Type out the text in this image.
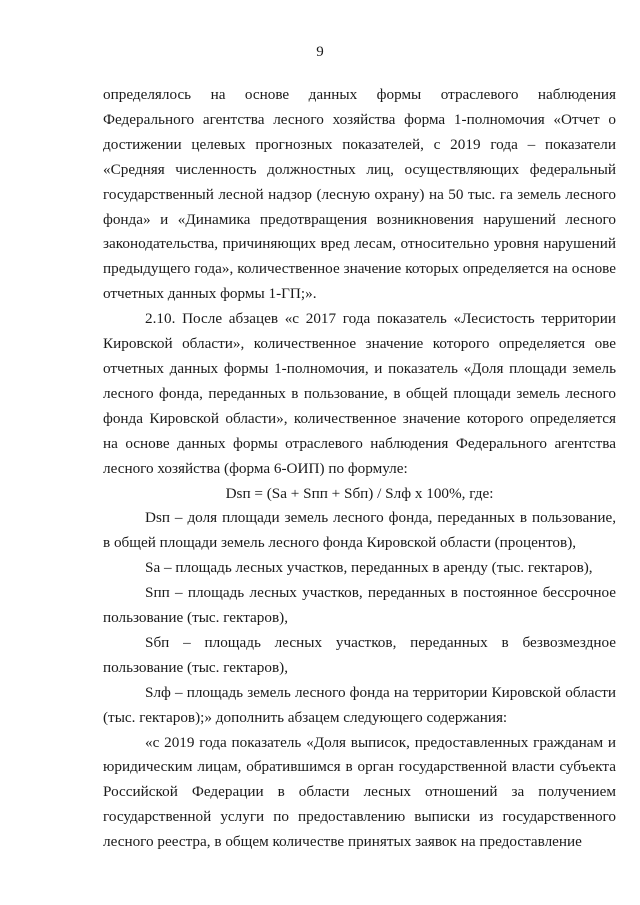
9

определялось на основе данных формы отраслевого наблюдения Федерального агентства лесного хозяйства форма 1-полномочия «Отчет о достижении целевых прогнозных показателей, с 2019 года – показатели «Средняя численность должностных лиц, осуществляющих федеральный государственный лесной надзор (лесную охрану) на 50 тыс. га земель лесного фонда» и «Динамика предотвращения возникновения нарушений лесного законодательства, причиняющих вред лесам, относительно уровня нарушений предыдущего года», количественное значение которых определяется на основе отчетных данных формы 1-ГП;».

2.10. После абзацев «с 2017 года показатель «Лесистость территории Кировской области», количественное значение которого определяется ове отчетных данных формы 1-полномочия, и показатель «Доля площади земель лесного фонда, переданных в пользование, в общей площади земель лесного фонда Кировской области», количественное значение которого определяется на основе данных формы отраслевого наблюдения Федерального агентства лесного хозяйства (форма 6-ОИП) по формуле:

Dsп = (Sa + Sпп + Sбп) / Sлф х 100%, где:

Dsп – доля площади земель лесного фонда, переданных в пользование, в общей площади земель лесного фонда Кировской области (процентов),

Sa – площадь лесных участков, переданных в аренду (тыс. гектаров),

Sпп – площадь лесных участков, переданных в постоянное бессрочное пользование (тыс. гектаров),

Sбп – площадь лесных участков, переданных в безвозмездное пользование (тыс. гектаров),

Sлф – площадь земель лесного фонда на территории Кировской области (тыс. гектаров);» дополнить абзацем следующего содержания:

«с 2019 года показатель «Доля выписок, предоставленных гражданам и юридическим лицам, обратившимся в орган государственной власти субъекта Российской Федерации в области лесных отношений за получением государственной услуги по предоставлению выписки из государственного лесного реестра, в общем количестве принятых заявок на предоставление
